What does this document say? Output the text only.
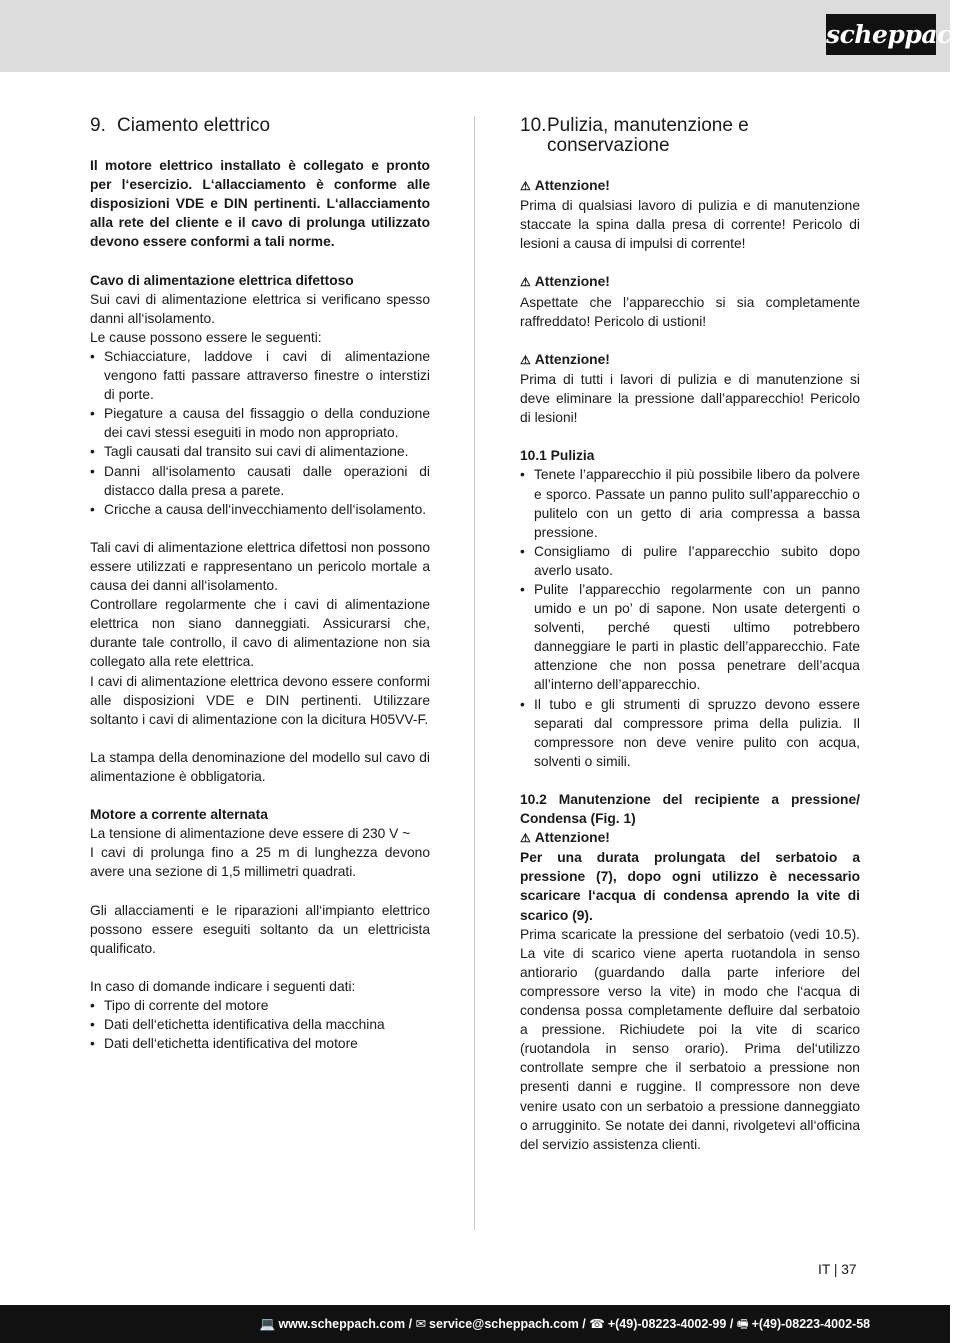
scheppach
9. Ciamento elettrico

Il motore elettrico installato è collegato e pronto per l‘esercizio. L‘allacciamento è conforme alle disposizioni VDE e DIN pertinenti. L‘allacciamento alla rete del cliente e il cavo di prolunga utilizzato devono essere conformi a tali norme.

Cavo di alimentazione elettrica difettoso

Sui cavi di alimentazione elettrica si verificano spesso danni all‘isolamento.

Le cause possono essere le seguenti:

• Schiacciature, laddove i cavi di alimentazione vengono fatti passare attraverso finestre o interstizi di porte.
• Piegature a causa del fissaggio o della conduzione dei cavi stessi eseguiti in modo non appropriato.
• Tagli causati dal transito sui cavi di alimentazione.
• Danni all‘isolamento causati dalle operazioni di distacco dalla presa a parete.
• Cricche a causa dell‘invecchiamento dell‘isolamento.

Tali cavi di alimentazione elettrica difettosi non possono essere utilizzati e rappresentano un pericolo mortale a causa dei danni all‘isolamento.

Controllare regolarmente che i cavi di alimentazione elettrica non siano danneggiati. Assicurarsi che, durante tale controllo, il cavo di alimentazione non sia collegato alla rete elettrica.

I cavi di alimentazione elettrica devono essere conformi alle disposizioni VDE e DIN pertinenti. Utilizzare soltanto i cavi di alimentazione con la dicitura H05VV-F.

La stampa della denominazione del modello sul cavo di alimentazione è obbligatoria.

Motore a corrente alternata

La tensione di alimentazione deve essere di 230 V ~

I cavi di prolunga fino a 25 m di lunghezza devono avere una sezione di 1,5 millimetri quadrati.

Gli allacciamenti e le riparazioni all‘impianto elettrico possono essere eseguiti soltanto da un elettricista qualificato.

In caso di domande indicare i seguenti dati:

• Tipo di corrente del motore
• Dati dell‘etichetta identificativa della macchina
• Dati dell‘etichetta identificativa del motore
10. Pulizia, manutenzione e
conservazione

⚠ Attenzione!

Prima di qualsiasi lavoro di pulizia e di manutenzione staccate la spina dalla presa di corrente! Pericolo di lesioni a causa di impulsi di corrente!

⚠ Attenzione!

Aspettate che l’apparecchio si sia completamente raffreddato! Pericolo di ustioni!

⚠ Attenzione!

Prima di tutti i lavori di pulizia e di manutenzione si deve eliminare la pressione dall’apparecchio! Pericolo di lesioni!

10.1 Pulizia

• Tenete l’apparecchio il più possibile libero da polvere e sporco. Passate un panno pulito sull’apparecchio o pulitelo con un getto di aria compressa a bassa pressione.
• Consigliamo di pulire l’apparecchio subito dopo averlo usato.
• Pulite l’apparecchio regolarmente con un panno umido e un po’ di sapone. Non usate detergenti o solventi, perché questi ultimo potrebbero danneggiare le parti in plastic dell’apparecchio. Fate attenzione che non possa penetrare dell’acqua all’interno dell’apparecchio.
• Il tubo e gli strumenti di spruzzo devono essere separati dal compressore prima della pulizia. Il compressore non deve venire pulito con acqua, solventi o simili.

10.2 Manutenzione del recipiente a pressione/ Condensa (Fig. 1)

⚠ Attenzione!

Per una durata prolungata del serbatoio a pressione (7), dopo ogni utilizzo è necessario scaricare l‘acqua di condensa aprendo la vite di scarico (9).

Prima scaricate la pressione del serbatoio (vedi 10.5). La vite di scarico viene aperta ruotandola in senso antiorario (guardando dalla parte inferiore del compressore verso la vite) in modo che l‘acqua di condensa possa completamente defluire dal serbatoio a pressione. Richiudete poi la vite di scarico (ruotandola in senso orario). Prima del‘utilizzo controllate sempre che il serbatoio a pressione non presenti danni e ruggine. Il compressore non deve venire usato con un serbatoio a pressione danneggiato o arrugginito. Se notate dei danni, rivolgetevi all‘officina del servizio assistenza clienti.

IT | 37
💻 www.scheppach.com / ✉ service@scheppach.com / ☎ +(49)-08223-4002-99 / 🖷 +(49)-08223-4002-58
